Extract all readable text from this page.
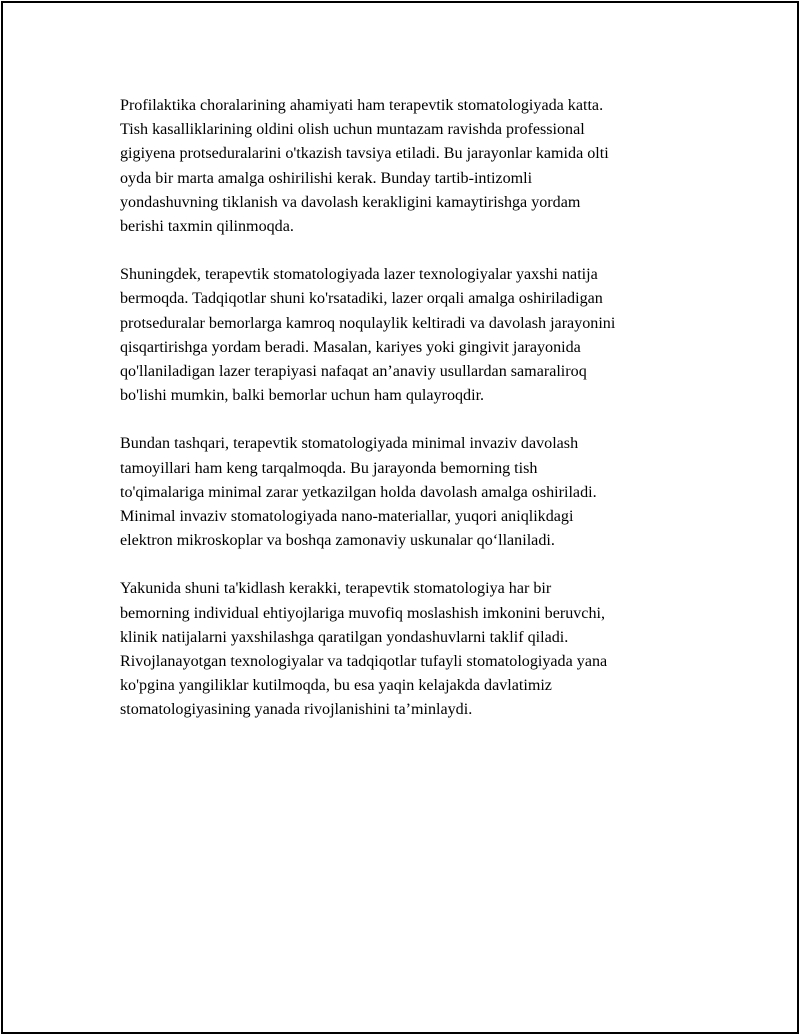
Profilaktika choralarining ahamiyati ham terapevtik stomatologiyada katta.
Tish kasalliklarining oldini olish uchun muntazam ravishda professional
gigiyena protseduralarini o'tkazish tavsiya etiladi. Bu jarayonlar kamida olti
oyda bir marta amalga oshirilishi kerak. Bunday tartib-intizomli
yondashuvning tiklanish va davolash kerakligini kamaytirishga yordam
berishi taxmin qilinmoqda.

Shuningdek, terapevtik stomatologiyada lazer texnologiyalar yaxshi natija
bermoqda. Tadqiqotlar shuni ko'rsatadiki, lazer orqali amalga oshiriladigan
protseduralar bemorlarga kamroq noqulaylik keltiradi va davolash jarayonini
qisqartirishga yordam beradi. Masalan, kariyes yoki gingivit jarayonida
qo'llaniladigan lazer terapiyasi nafaqat an’anaviy usullardan samaraliroq
bo'lishi mumkin, balki bemorlar uchun ham qulayroqdir.

Bundan tashqari, terapevtik stomatologiyada minimal invaziv davolash
tamoyillari ham keng tarqalmoqda. Bu jarayonda bemorning tish
to'qimalariga minimal zarar yetkazilgan holda davolash amalga oshiriladi.
Minimal invaziv stomatologiyada nano-materiallar, yuqori aniqlikdagi
elektron mikroskoplar va boshqa zamonaviy uskunalar qo‘llaniladi.

Yakunida shuni ta'kidlash kerakki, terapevtik stomatologiya har bir
bemorning individual ehtiyojlariga muvofiq moslashish imkonini beruvchi,
klinik natijalarni yaxshilashga qaratilgan yondashuvlarni taklif qiladi.
Rivojlanayotgan texnologiyalar va tadqiqotlar tufayli stomatologiyada yana
ko'pgina yangiliklar kutilmoqda, bu esa yaqin kelajakda davlatimiz
stomatologiyasining yanada rivojlanishini ta’minlaydi.
